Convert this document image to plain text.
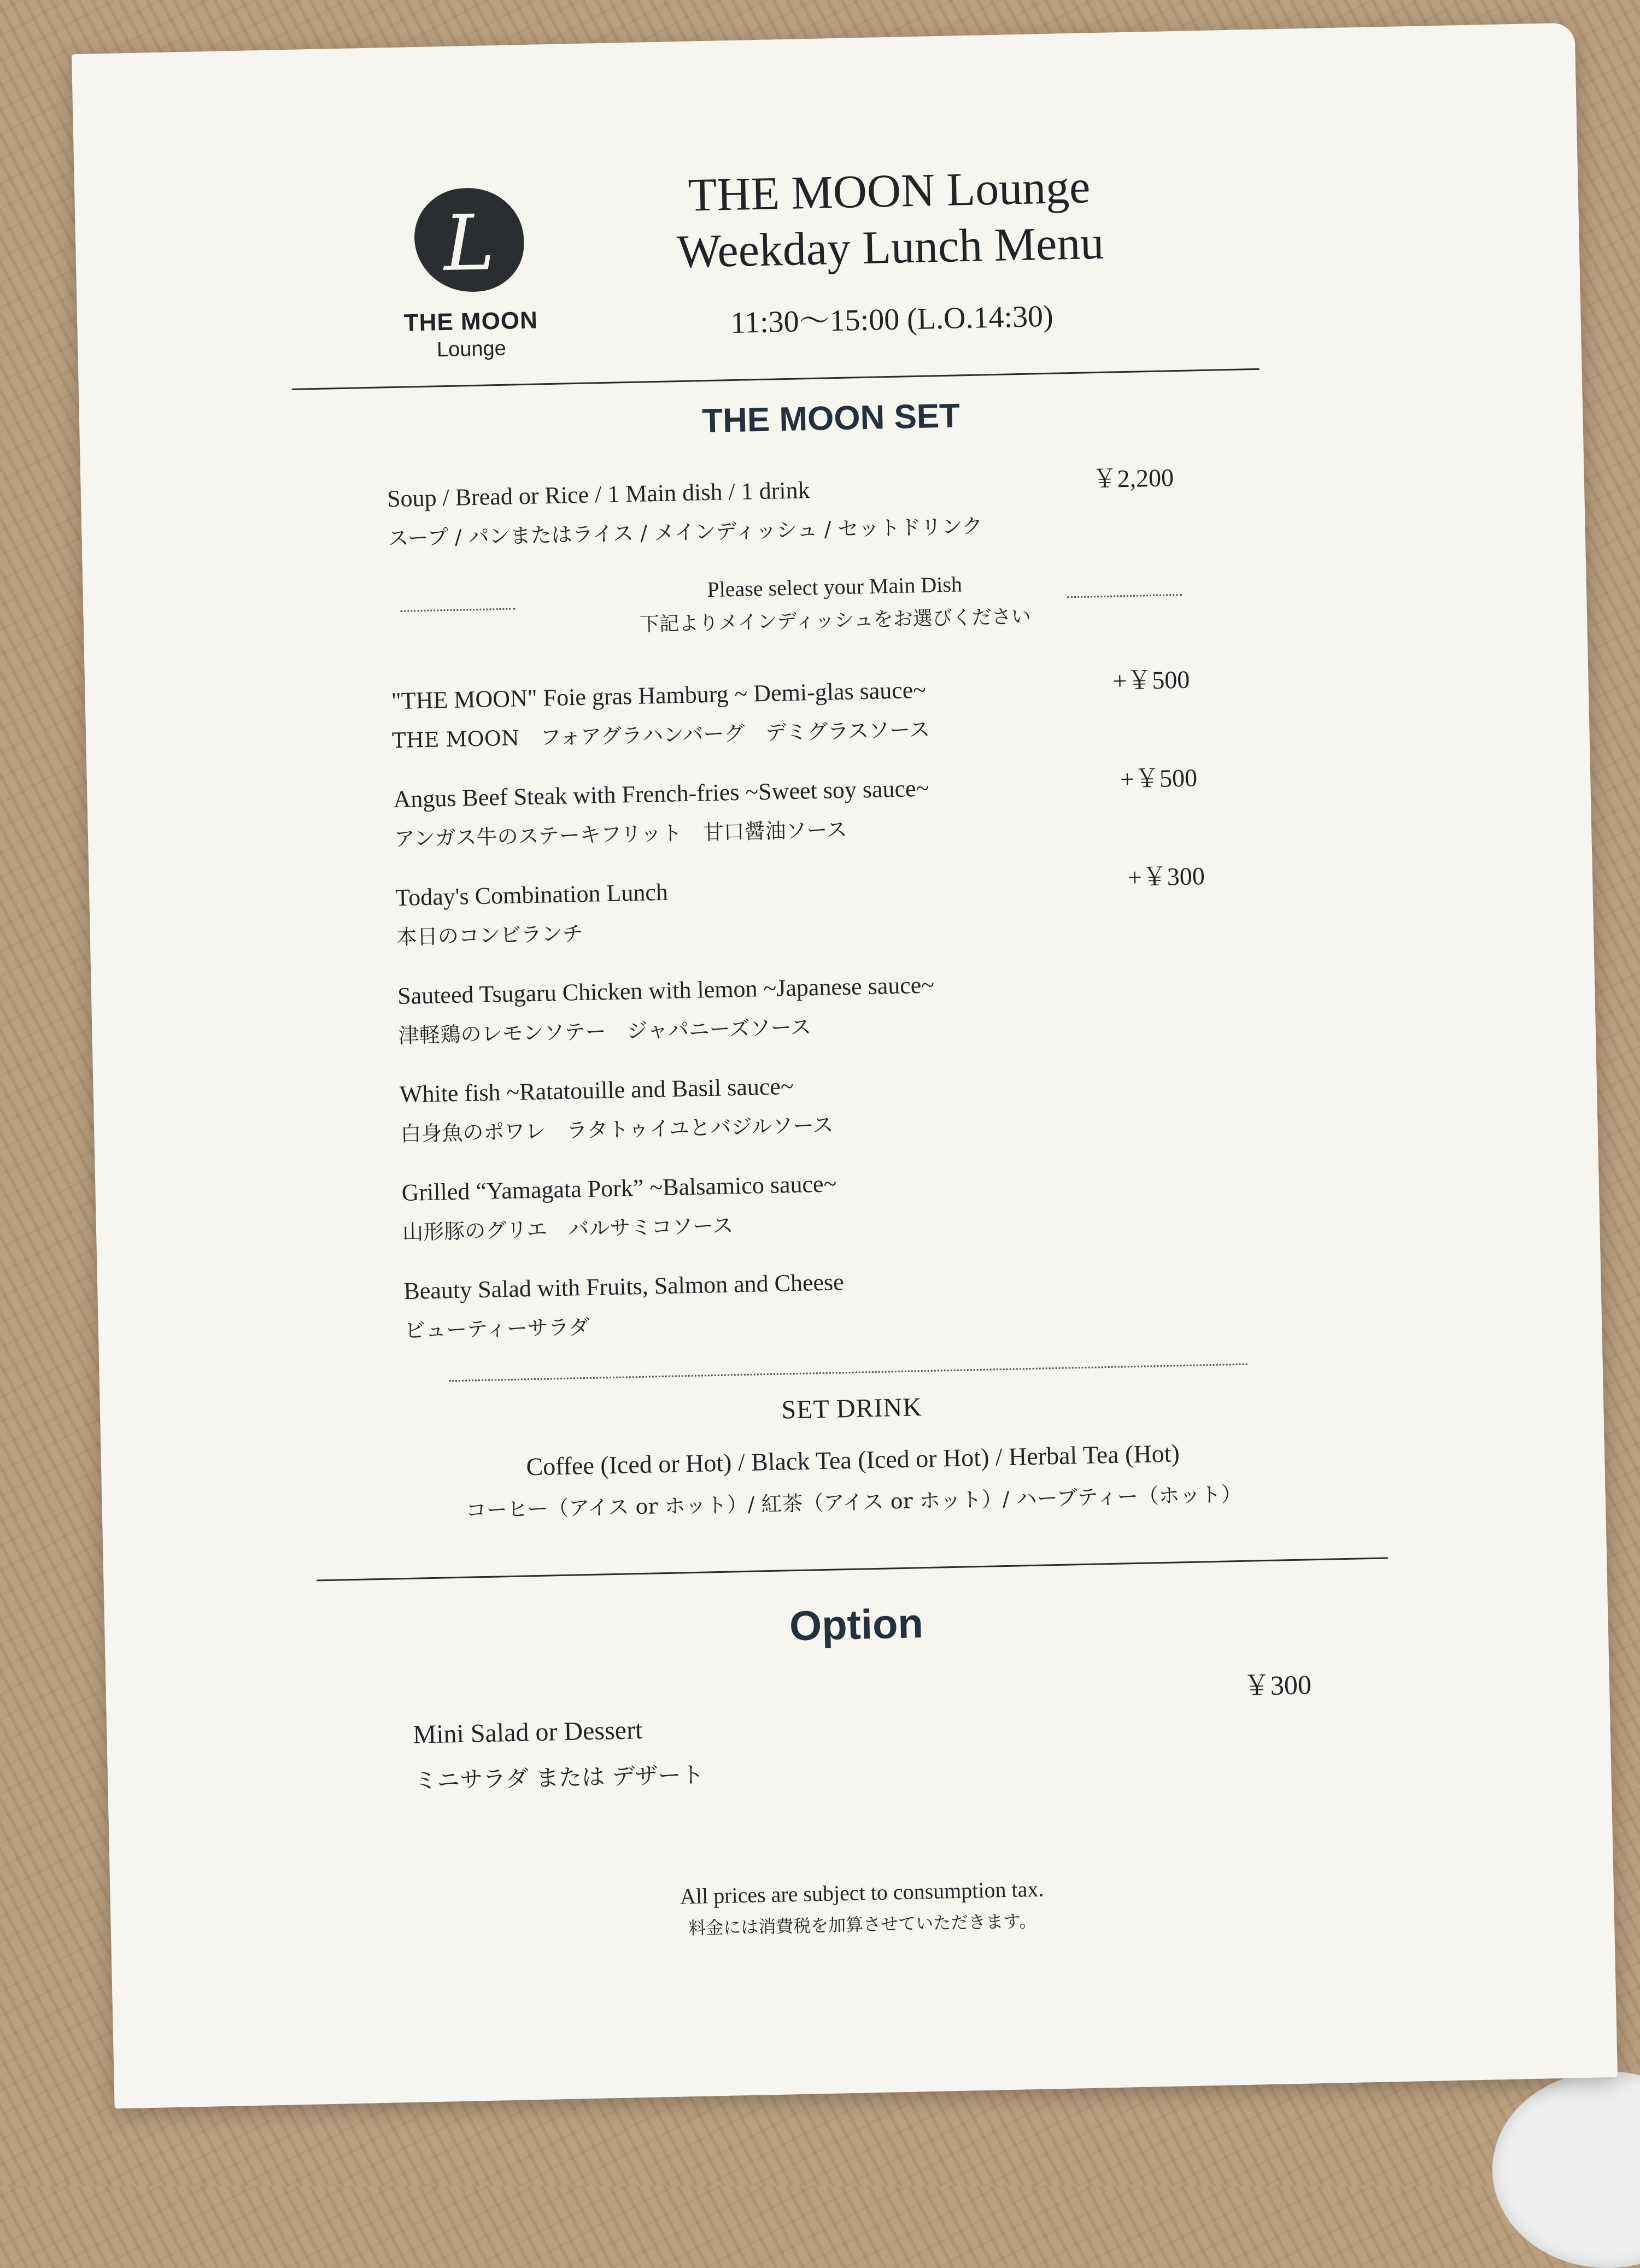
L
THE MOON
Lounge
THE MOON Lounge
Weekday Lunch Menu
11:30～15:00 (L.O.14:30)
THE MOON SET
Soup / Bread or Rice / 1 Main dish / 1 drink
スープ / パンまたはライス / メインディッシュ / セットドリンク
￥2,200
Please select your Main Dish
下記よりメインディッシュをお選びください
"THE MOON" Foie gras Hamburg ~ Demi-glas sauce~
THE MOON　フォアグラハンバーグ　デミグラスソース
+￥500
Angus Beef Steak with French-fries ~Sweet soy sauce~
アンガス牛のステーキフリット　甘口醤油ソース
+￥500
Today's Combination Lunch
本日のコンビランチ
+￥300
Sauteed Tsugaru Chicken with lemon ~Japanese sauce~
津軽鶏のレモンソテー　ジャパニーズソース
White fish ~Ratatouille and Basil sauce~
白身魚のポワレ　ラタトゥイユとバジルソース
Grilled “Yamagata Pork” ~Balsamico sauce~
山形豚のグリエ　バルサミコソース
Beauty Salad with Fruits, Salmon and Cheese
ビューティーサラダ
SET DRINK
Coffee (Iced or Hot) / Black Tea (Iced or Hot) / Herbal Tea (Hot)
コーヒー（アイス or ホット）/ 紅茶（アイス or ホット）/ ハーブティー（ホット）
Option
Mini Salad or Dessert
ミニサラダ または デザート
￥300
All prices are subject to consumption tax.
料金には消費税を加算させていただきます。
